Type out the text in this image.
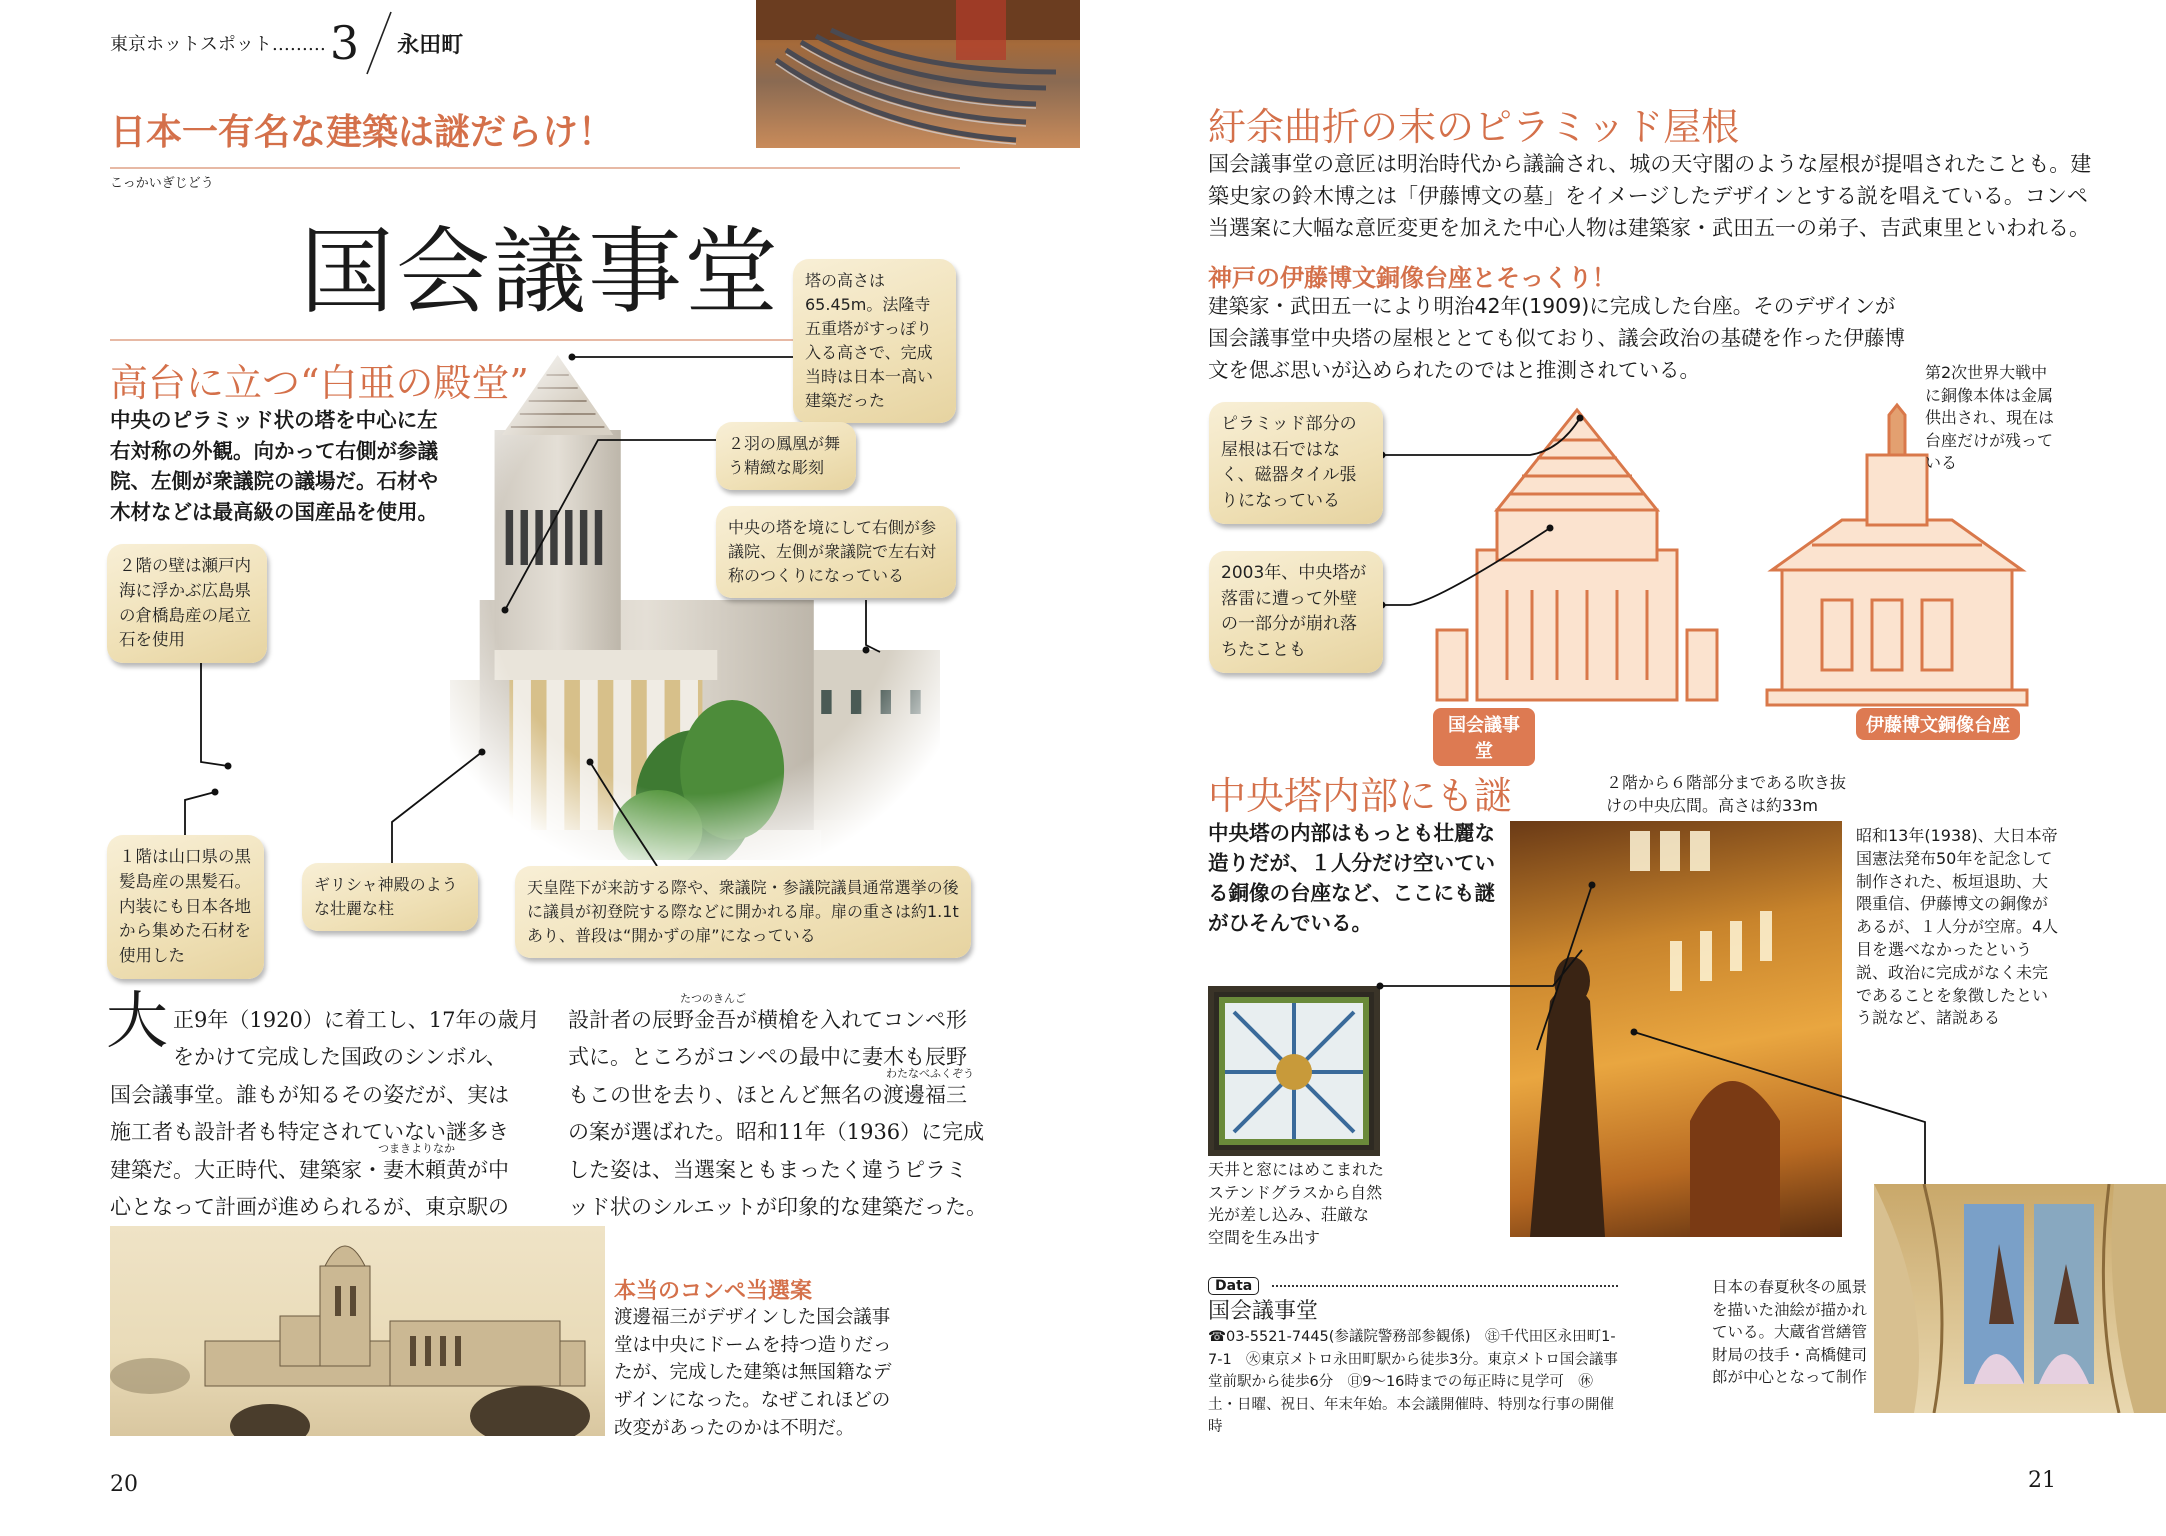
東京ホットスポット……… 3 永田町
日本一有名な建築は謎だらけ！
こっかいぎじどう
国会議事堂
高台に立つ“白亜の殿堂”
中央のピラミッド状の塔を中心に左右対称の外観。向かって右側が参議院、左側が衆議院の議場だ。石材や木材などは最高級の国産品を使用。
塔の高さは65.45m。法隆寺五重塔がすっぽり入る高さで、完成当時は日本一高い建築だった
２羽の鳳凰が舞う精緻な彫刻
中央の塔を境にして右側が参議院、左側が衆議院で左右対称のつくりになっている
２階の壁は瀬戸内海に浮かぶ広島県の倉橋島産の尾立石を使用
１階は山口県の黒髪島産の黒髪石。内装にも日本各地から集めた石材を使用した
ギリシャ神殿のような壮麗な柱
天皇陛下が来訪する際や、衆議院・参議院議員通常選挙の後に議員が初登院する際などに開かれる扉。扉の重さは約1.1tあり、普段は“開かずの扉”になっている
大 正9年（1920）に着工し、17年の歳月
をかけて完成した国政のシンボル、
国会議事堂。誰もが知るその姿だが、実は
施工者も設計者も特定されていない謎多き
建築だ。大正時代、建築家・妻木頼黄が中
心となって計画が進められるが、東京駅の
つまきよりなか
設計者の辰野金吾が横槍を入れてコンペ形
式に。ところがコンペの最中に妻木も辰野
もこの世を去り、ほとんど無名の渡邊福三
の案が選ばれた。昭和11年（1936）に完成
した姿は、当選案ともまったく違うピラミ
ッド状のシルエットが印象的な建築だった。
たつのきんご
わたなべふくぞう
本当のコンペ当選案
渡邊福三がデザインした国会議事堂は中央にドームを持つ造りだったが、完成した建築は無国籍なデザインになった。なぜこれほどの改変があったのかは不明だ。
20
紆余曲折の末のピラミッド屋根
国会議事堂の意匠は明治時代から議論され、城の天守閣のような屋根が提唱されたことも。建築史家の鈴木博之は「伊藤博文の墓」をイメージしたデザインとする説を唱えている。コンペ当選案に大幅な意匠変更を加えた中心人物は建築家・武田五一の弟子、吉武東里といわれる。
神戸の伊藤博文銅像台座とそっくり！
建築家・武田五一により明治42年(1909)に完成した台座。そのデザインが国会議事堂中央塔の屋根ととても似ており、議会政治の基礎を作った伊藤博文を偲ぶ思いが込められたのではと推測されている。	第2次世界大戦中に銅像本体は金属供出され、現在は台座だけが残っている
ピラミッド部分の屋根は石ではなく、磁器タイル張りになっている
2003年、中央塔が落雷に遭って外壁の一部分が崩れ落ちたことも
国会議事堂
伊藤博文銅像台座
中央塔内部にも謎
中央塔の内部はもっとも壮麗な造りだが、１人分だけ空いている銅像の台座など、ここにも謎がひそんでいる。
２階から６階部分まである吹き抜けの中央広間。高さは約33m
昭和13年(1938)、大日本帝国憲法発布50年を記念して制作された、板垣退助、大隈重信、伊藤博文の銅像があるが、１人分が空席。4人目を選べなかったという説、政治に完成がなく未完であることを象徴したという説など、諸説ある
天井と窓にはめこまれたステンドグラスから自然光が差し込み、荘厳な空間を生み出す
Data
国会議事堂
☎03-5521-7445(参議院警務部参観係)　㊟千代田区永田町1-7-1　㊋東京メトロ永田町駅から徒歩3分。東京メトロ国会議事堂前駅から徒歩6分　㊐9～16時までの毎正時に見学可　㊡土・日曜、祝日、年末年始。本会議開催時、特別な行事の開催時
日本の春夏秋冬の風景を描いた油絵が描かれている。大蔵省営繕管財局の技手・高橋健司郎が中心となって制作
21
